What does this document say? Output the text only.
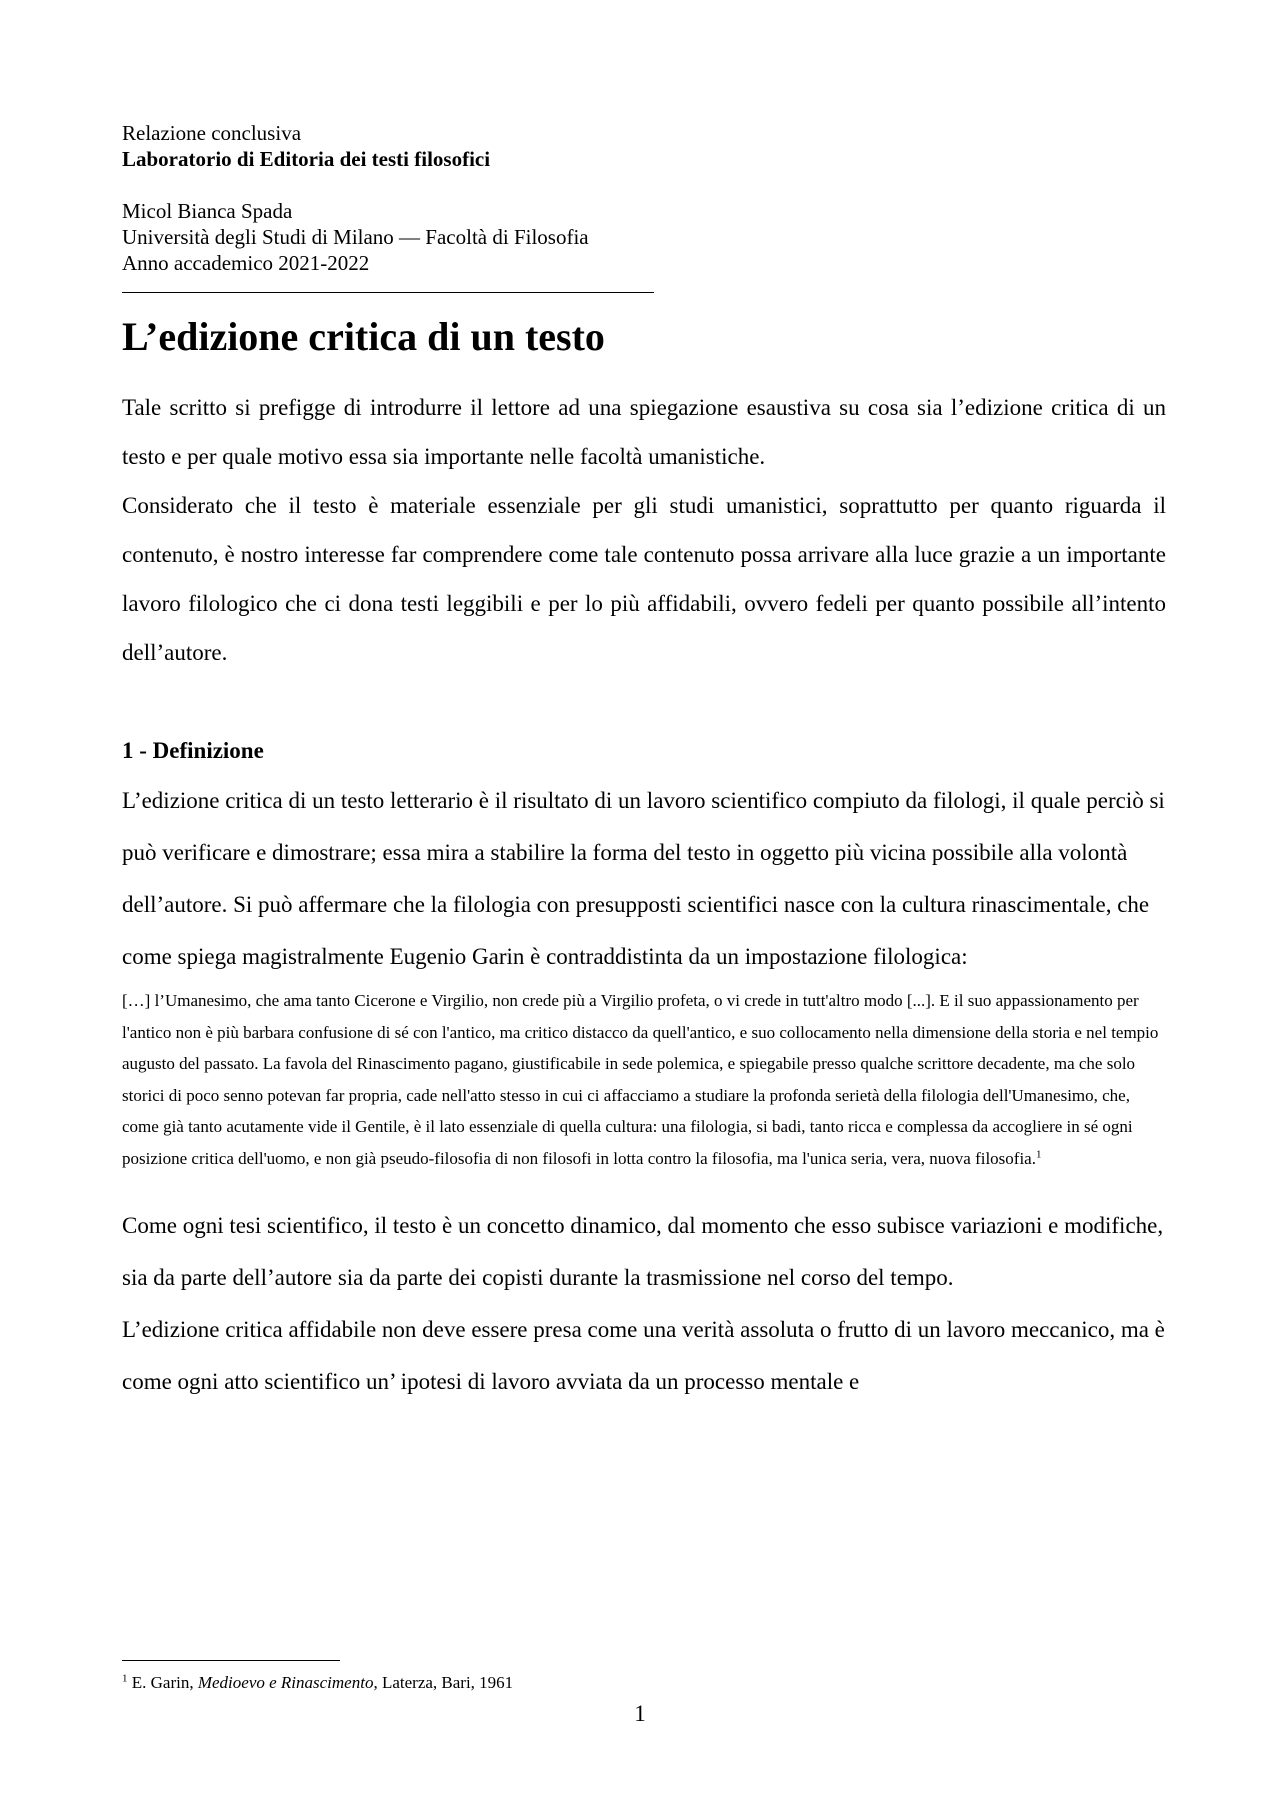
Relazione conclusiva

Laboratorio di Editoria dei testi filosofici

Micol Bianca Spada

Università degli Studi di Milano — Facoltà di Filosofia

Anno accademico 2021-2022

L’edizione critica di un testo

Tale scritto si prefigge di introdurre il lettore ad una spiegazione esaustiva su cosa sia l’edizione critica di un testo e per quale motivo essa sia importante nelle facoltà umanistiche.

Considerato che il testo è materiale essenziale per gli studi umanistici, soprattutto per quanto riguarda il contenuto, è nostro interesse far comprendere come tale contenuto possa arrivare alla luce grazie a un importante lavoro filologico che ci dona testi leggibili e per lo più affidabili, ovvero fedeli per quanto possibile all’intento dell’autore.

1 - Definizione

L’edizione critica di un testo letterario è il risultato di un lavoro scientifico compiuto da filologi, il quale perciò si può verificare e dimostrare; essa mira a stabilire la forma del testo in oggetto più vicina possibile alla volontà dell’autore. Si può affermare che la filologia con presupposti scientifici nasce con la cultura rinascimentale, che come spiega magistralmente Eugenio Garin è contraddistinta da un impostazione filologica:

[…] l’Umanesimo, che ama tanto Cicerone e Virgilio, non crede più a Virgilio profeta, o vi crede in tutt'altro modo [...]. E il suo appassionamento per l'antico non è più barbara confusione di sé con l'antico, ma critico distacco da quell'antico, e suo collocamento nella dimensione della storia e nel tempio augusto del passato. La favola del Rinascimento pagano, giustificabile in sede polemica, e spiegabile presso qualche scrittore decadente, ma che solo storici di poco senno potevan far propria, cade nell'atto stesso in cui ci affacciamo a studiare la profonda serietà della filologia dell'Umanesimo, che, come già tanto acutamente vide il Gentile, è il lato essenziale di quella cultura: una filologia, si badi, tanto ricca e complessa da accogliere in sé ogni posizione critica dell'uomo, e non già pseudo-filosofia di non filosofi in lotta contro la filosofia, ma l'unica seria, vera, nuova filosofia.$^1$

Come ogni tesi scientifico, il testo è un concetto dinamico, dal momento che esso subisce variazioni e modifiche, sia da parte dell’autore sia da parte dei copisti durante la trasmissione nel corso del tempo.

L’edizione critica affidabile non deve essere presa come una verità assoluta o frutto di un lavoro meccanico, ma è come ogni atto scientifico un’ ipotesi di lavoro avviata da un processo mentale e

$^1$ E. Garin, Medioevo e Rinascimento, Laterza, Bari, 1961

1
